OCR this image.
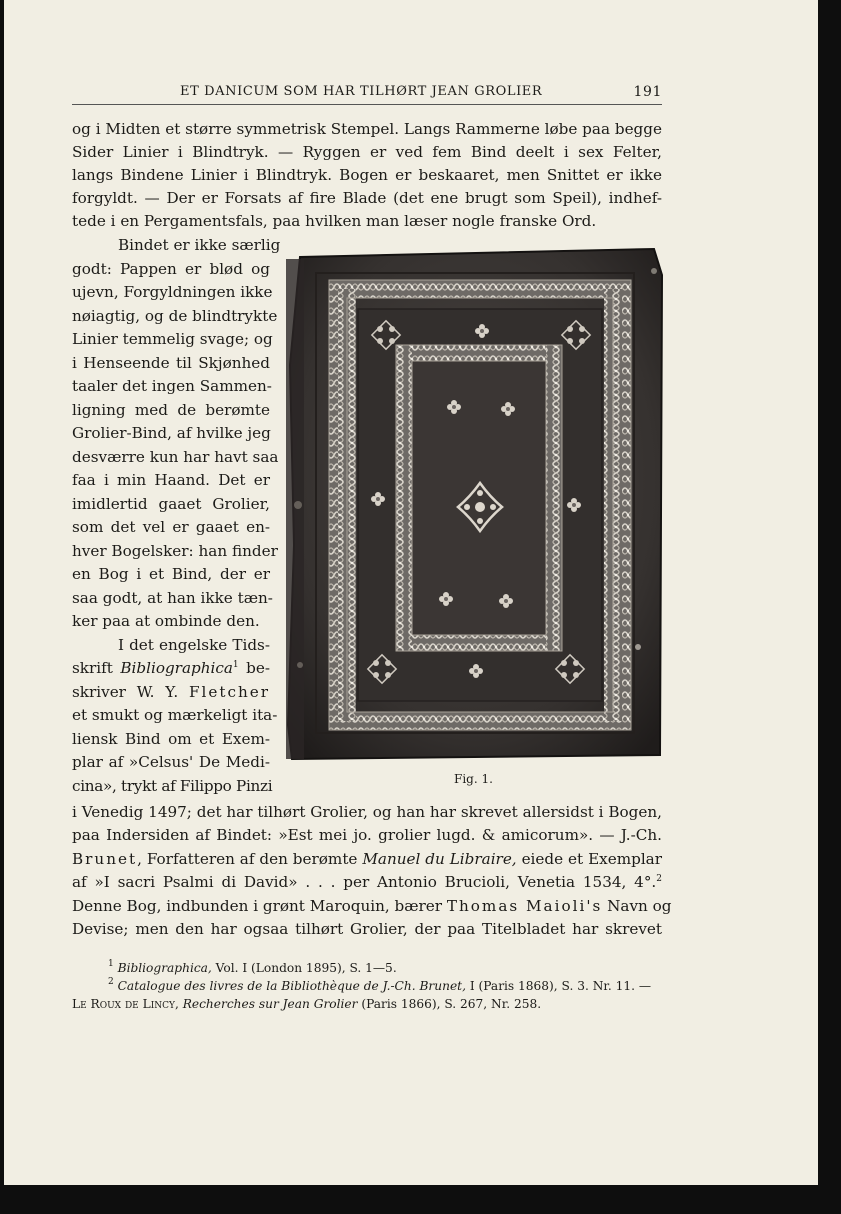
ET DANICUM SOM HAR TILHØRT JEAN GROLIER	191
og i Midten et større symmetrisk Stempel. Langs Rammerne løbe paa begge
Sider Linier i Blindtryk. — Ryggen er ved fem Bind deelt i sex Felter,
langs Bindene Linier i Blindtryk. Bogen er beskaaret, men Snittet er ikke
forgyldt. — Der er Forsats af fire Blade (det ene brugt som Speil), indhef-
tede i en Pergamentsfals, paa hvilken man læser nogle franske Ord.
Bindet er ikke særlig
godt: Pappen er blød og
ujevn, Forgyldningen ikke
nøiagtig, og de blindtrykte
Linier temmelig svage; og
i Henseende til Skjønhed
taaler det ingen Sammen-
ligning med de berømte
Grolier-Bind, af hvilke jeg
desværre kun har havt saa
faa i min Haand. Det er
imidlertid gaaet Grolier,
som det vel er gaaet en-
hver Bogelsker: han finder
en Bog i et Bind, der er
saa godt, at han ikke tæn-
ker paa at ombinde den.
I det engelske Tids-
skrift Bibliographica$^1$ be-
skriver W. Y. Fletcher
et smukt og mærkeligt ita-
liensk Bind om et Exem-
plar af »Celsus' De Medi-
cina», trykt af Filippo Pinzi	Fig. 1.
i Venedig 1497; det har tilhørt Grolier, og han har skrevet allersidst i Bogen,
paa Indersiden af Bindet: »Est mei jo. grolier lugd. & amicorum». — J.-Ch.
Brunet, Forfatteren af den berømte Manuel du Libraire, eiede et Exemplar
af »I sacri Psalmi di David» . . . per Antonio Brucioli, Venetia 1534, 4°.$^2$
Denne Bog, indbunden i grønt Maroquin, bærer Thomas Maioli's Navn og
Devise; men den har ogsaa tilhørt Grolier, der paa Titelbladet har skrevet
$^1$ Bibliographica, Vol. I (London 1895), S. 1—5.
$^2$ Catalogue des livres de la Bibliothèque de J.-Ch. Brunet, I (Paris 1868), S. 3. Nr. 11. —
Le Roux de Lincy, Recherches sur Jean Grolier (Paris 1866), S. 267, Nr. 258.
